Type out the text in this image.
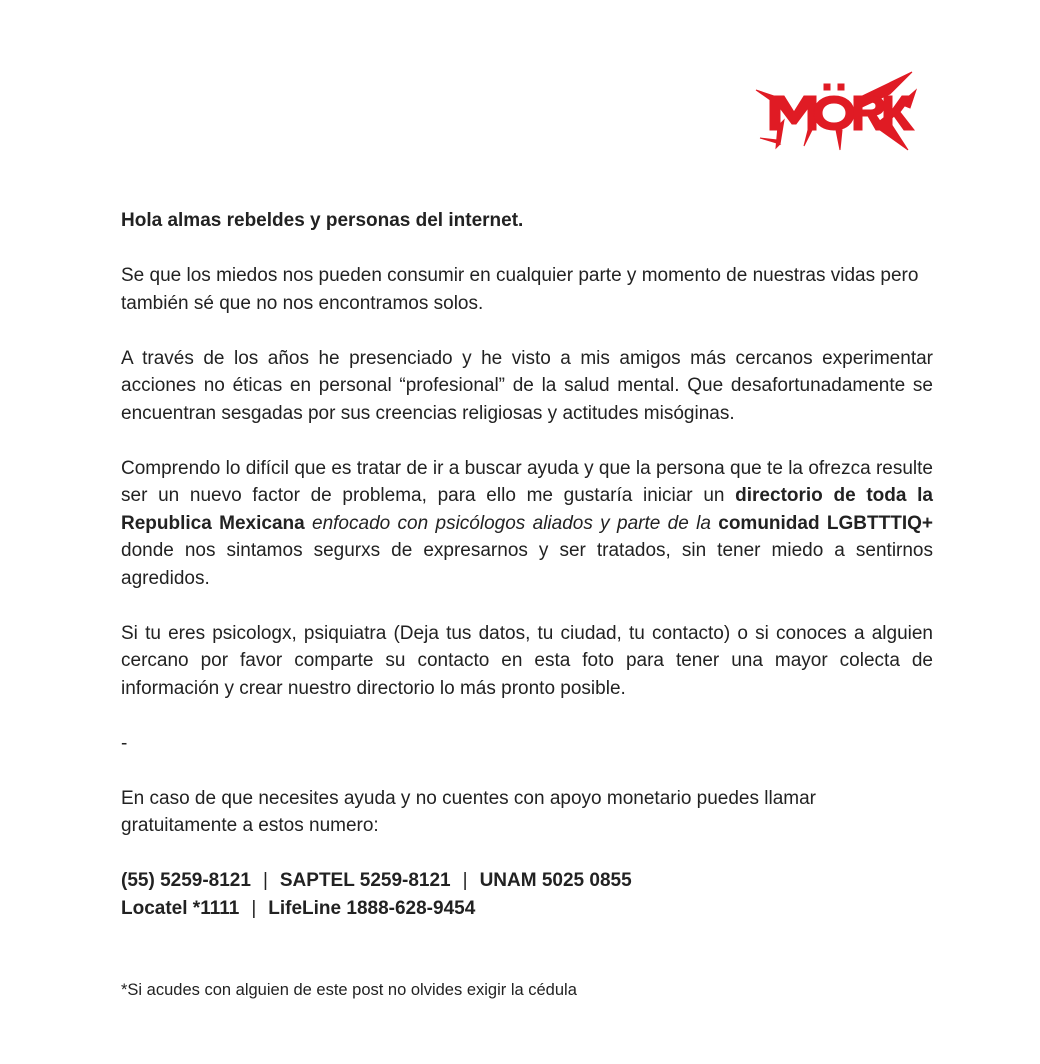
Hola almas rebeldes y personas del internet.

Se que los miedos nos pueden consumir en cualquier parte y momento de nuestras vidas pero también sé que no nos encontramos solos.

A través de los años he presenciado y he visto a mis amigos más cercanos experimentar acciones no éticas en personal “profesional” de la salud mental. Que desafortunadamente se encuentran sesgadas por sus creencias religiosas y actitudes misóginas.

Comprendo lo difícil que es tratar de ir a buscar ayuda y que la persona que te la ofrezca resulte ser un nuevo factor de problema, para ello me gustaría iniciar un directorio de toda la Republica Mexicana enfocado con psicólogos aliados y parte de la comunidad LGBTTTIQ+ donde nos sintamos segurxs de expresarnos y ser tratados, sin tener miedo a sentirnos agredidos.

Si tu eres psicologx, psiquiatra (Deja tus datos, tu ciudad, tu contacto) o si conoces a alguien cercano por favor comparte su contacto en esta foto para tener una mayor colecta de información y crear nuestro directorio lo más pronto posible.

-

En caso de que necesites ayuda y no cuentes con apoyo monetario puedes llamar gratuitamente a estos numero:

(55) 5259-8121 | SAPTEL 5259-8121 | UNAM 5025 0855
Locatel *1111 | LifeLine 1888-628-9454

*Si acudes con alguien de este post no olvides exigir la cédula
